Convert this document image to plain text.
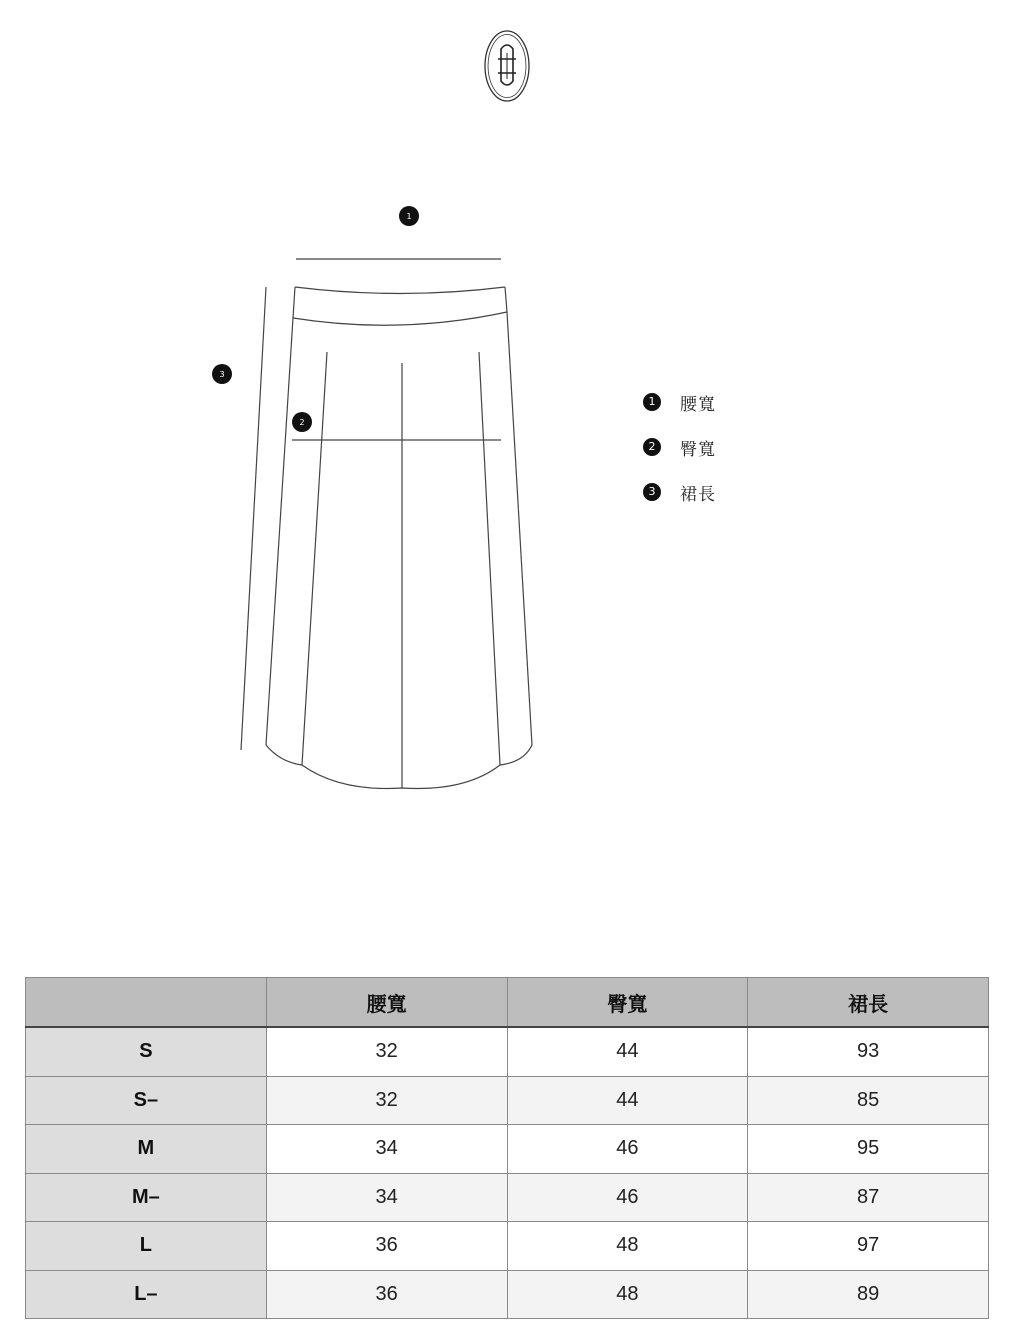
1
2
3
1	腰寬
2	臀寬
3	裙長
	腰寬	臀寬	裙長
S	32	44	93
S–	32	44	85
M	34	46	95
M–	34	46	87
L	36	48	97
L–	36	48	89
